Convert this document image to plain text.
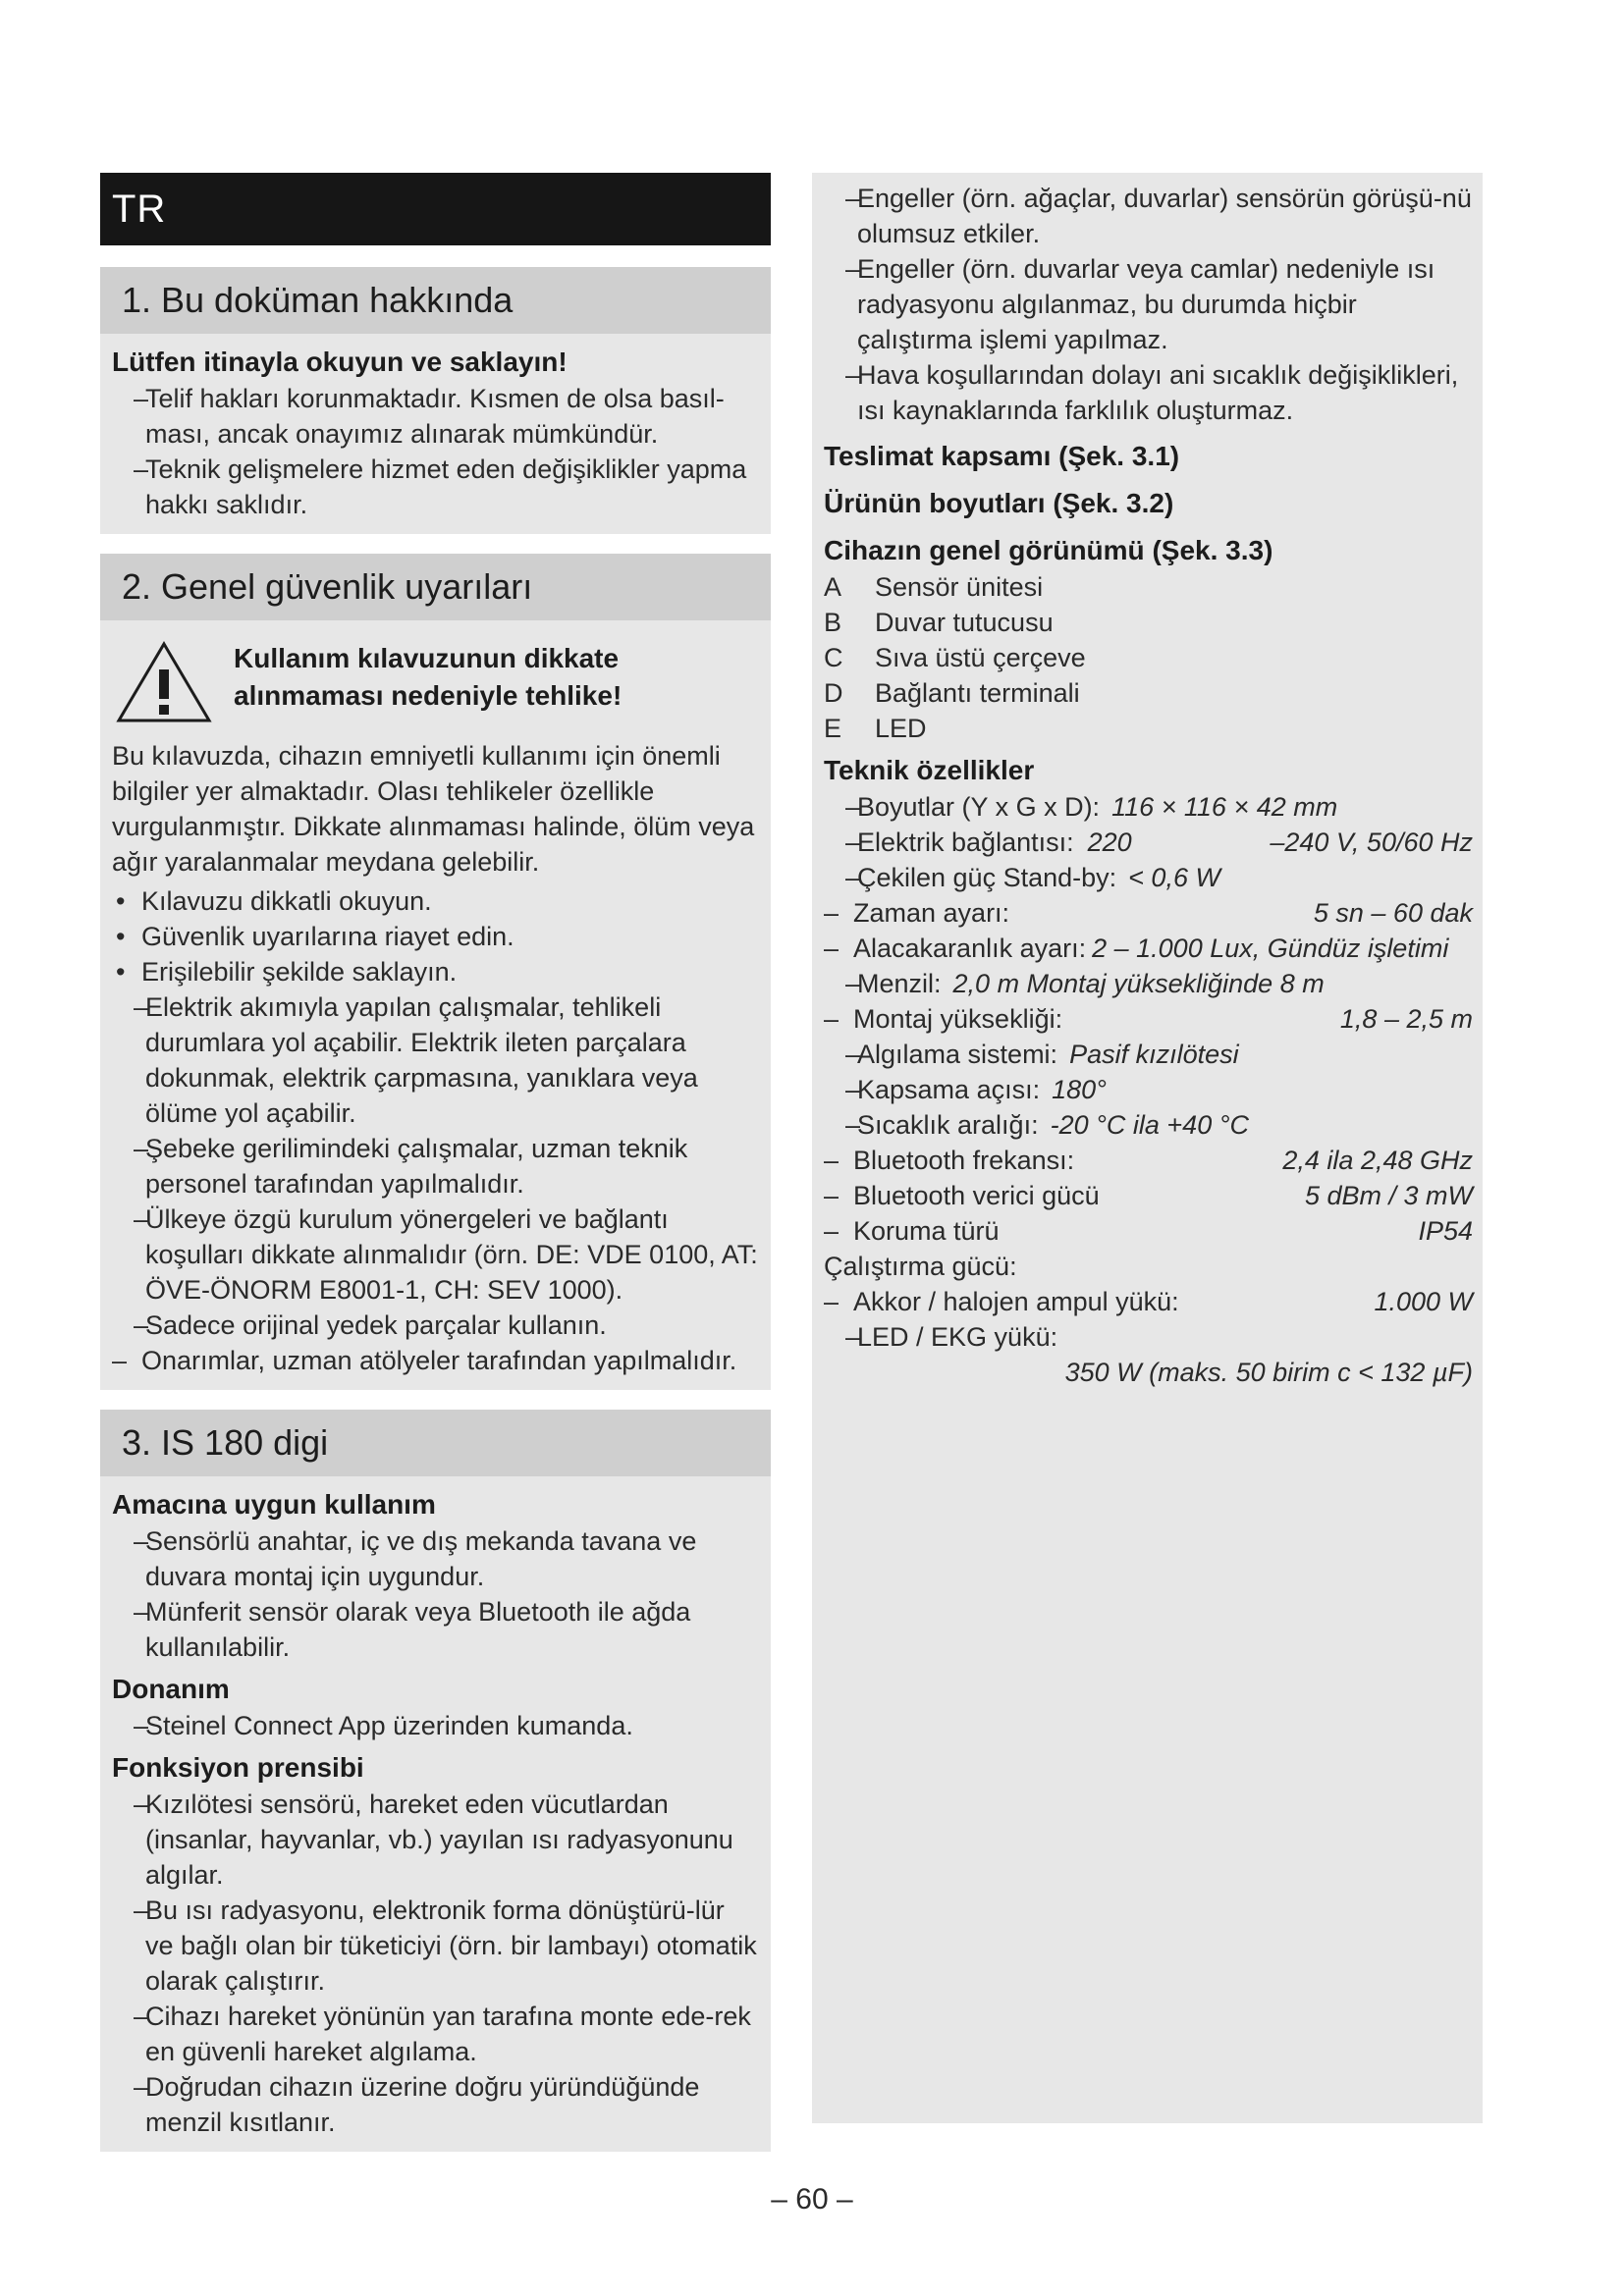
TR
1. Bu doküman hakkında
Lütfen itinayla okuyun ve saklayın!
–
Telif hakları korunmaktadır. Kısmen de olsa basıl-ması, ancak onayımız alınarak mümkündür.
–
Teknik gelişmelere hizmet eden değişiklikler yapma hakkı saklıdır.
2. Genel güvenlik uyarıları
Kullanım kılavuzunun dikkate alınmaması nedeniyle tehlike!
Bu kılavuzda, cihazın emniyetli kullanımı için önemli bilgiler yer almaktadır. Olası tehlikeler özellikle vurgulanmıştır. Dikkate alınmaması halinde, ölüm veya ağır yaralanmalar meydana gelebilir.
• Kılavuzu dikkatli okuyun.
• Güvenlik uyarılarına riayet edin.
• Erişilebilir şekilde saklayın.
–
Elektrik akımıyla yapılan çalışmalar, tehlikeli durumlara yol açabilir. Elektrik ileten parçalara dokunmak, elektrik çarpmasına, yanıklara veya ölüme yol açabilir.
–
Şebeke gerilimindeki çalışmalar, uzman teknik personel tarafından yapılmalıdır.
–
Ülkeye özgü kurulum yönergeleri ve bağlantı koşulları dikkate alınmalıdır (örn. DE: VDE 0100, AT: ÖVE-ÖNORM E8001-1, CH: SEV 1000).
–
Sadece orijinal yedek parçalar kullanın.
– Onarımlar, uzman atölyeler tarafından yapılmalıdır.
3. IS 180 digi
Amacına uygun kullanım
–
Sensörlü anahtar, iç ve dış mekanda tavana ve duvara montaj için uygundur.
–
Münferit sensör olarak veya Bluetooth ile ağda kullanılabilir.
Donanım
–
Steinel Connect App üzerinden kumanda.
Fonksiyon prensibi
–
Kızılötesi sensörü, hareket eden vücutlardan (insanlar, hayvanlar, vb.) yayılan ısı radyasyonunu algılar.
–
Bu ısı radyasyonu, elektronik forma dönüştürü-lür ve bağlı olan bir tüketiciyi (örn. bir lambayı) otomatik olarak çalıştırır.
–
Cihazı hareket yönünün yan tarafına monte ede-rek en güvenli hareket algılama.
–
Doğrudan cihazın üzerine doğru yüründüğünde menzil kısıtlanır.
–
Engeller (örn. ağaçlar, duvarlar) sensörün görüşü-nü olumsuz etkiler.
–
Engeller (örn. duvarlar veya camlar) nedeniyle ısı radyasyonu algılanmaz, bu durumda hiçbir çalıştırma işlemi yapılmaz.
–
Hava koşullarından dolayı ani sıcaklık değişiklikleri, ısı kaynaklarında farklılık oluşturmaz.
Teslimat kapsamı (Şek. 3.1)
Ürünün boyutları (Şek. 3.2)
Cihazın genel görünümü (Şek. 3.3)
A	Sensör ünitesi
B	Duvar tutucusu
C	Sıva üstü çerçeve
D	Bağlantı terminali
E	LED
Teknik özellikler
–
Boyutlar (Y x G x D): 116 × 116 × 42 mm
–
Elektrik bağlantısı: 220	–240 V, 50/60 Hz
–
Çekilen güç Stand-by: < 0,6 W
– Zaman ayarı:	5 sn – 60 dak
– Alacakaranlık ayarı: 2 – 1.000 Lux, Gündüz işletimi
–
Menzil: 2,0 m Montaj yüksekliğinde 8 m
– Montaj yüksekliği:	1,8 – 2,5 m
–
Algılama sistemi: Pasif kızılötesi
–
Kapsama açısı: 180°
–
Sıcaklık aralığı: -20 °C ila +40 °C
– Bluetooth frekansı:	2,4 ila 2,48 GHz
– Bluetooth verici gücü	5 dBm / 3 mW
– Koruma türü	IP54
Çalıştırma gücü:
– Akkor / halojen ampul yükü:	1.000 W
–
LED / EKG yükü:
350 W (maks. 50 birim c < 132 µF)
– 60 –
